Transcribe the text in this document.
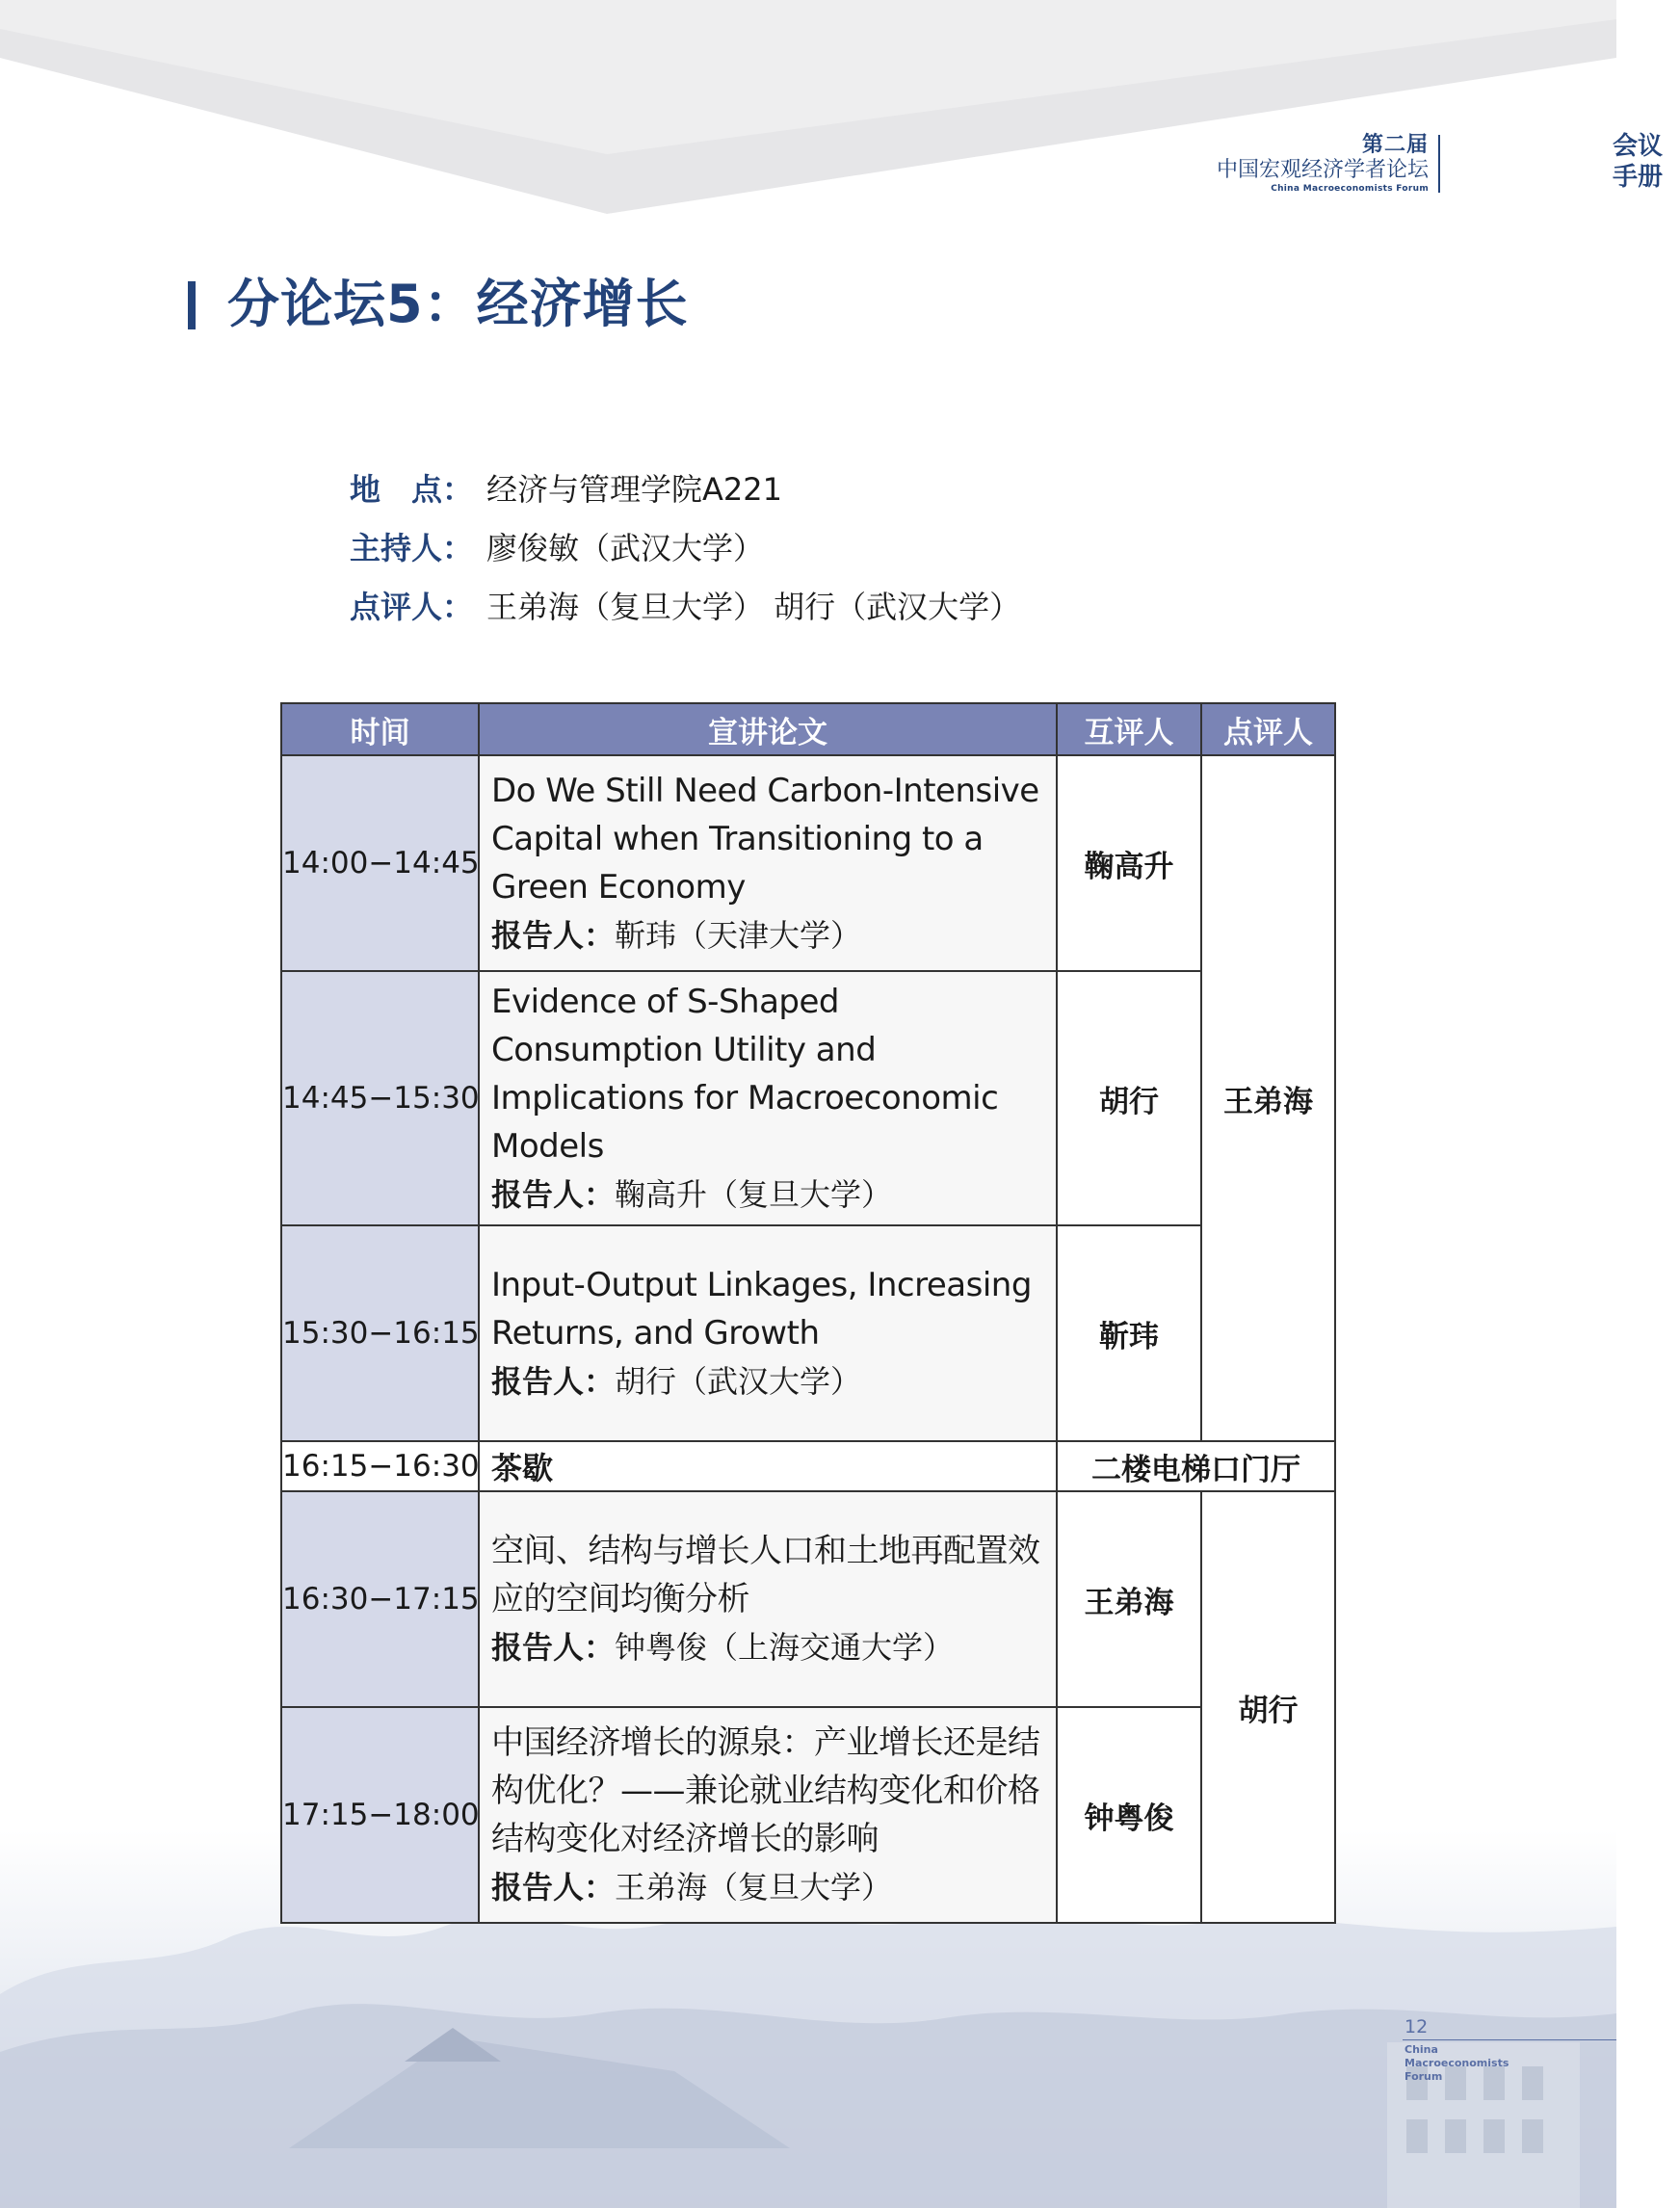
第二届
中国宏观经济学者论坛
China Macroeconomists Forum
会议
手册
分论坛5：经济增长
地　点： 经济与管理学院A221
主持人： 廖俊敏（武汉大学）
点评人： 王弟海（复旦大学） 胡行（武汉大学）
时间	宣讲论文	互评人	点评人
14:00−14:45	Do We Still Need Carbon-Intensive Capital when Transitioning to a Green Economy
报告人：靳玮（天津大学）	鞠高升	王弟海
14:45−15:30	Evidence of S-Shaped Consumption Utility and Implications for Macroeconomic Models
报告人：鞠高升（复旦大学）	胡行	
15:30−16:15	Input-Output Linkages, Increasing Returns, and Growth
报告人：胡行（武汉大学）	靳玮	
16:15−16:30	茶歇	二楼电梯口门厅	
16:30−17:15	空间、结构与增长人口和土地再配置效应的空间均衡分析
报告人：钟粤俊（上海交通大学）	王弟海	胡行
17:15−18:00	中国经济增长的源泉：产业增长还是结构优化？——兼论就业结构变化和价格结构变化对经济增长的影响
报告人：王弟海（复旦大学）	钟粤俊	
12
China
Macroeconomists
Forum
